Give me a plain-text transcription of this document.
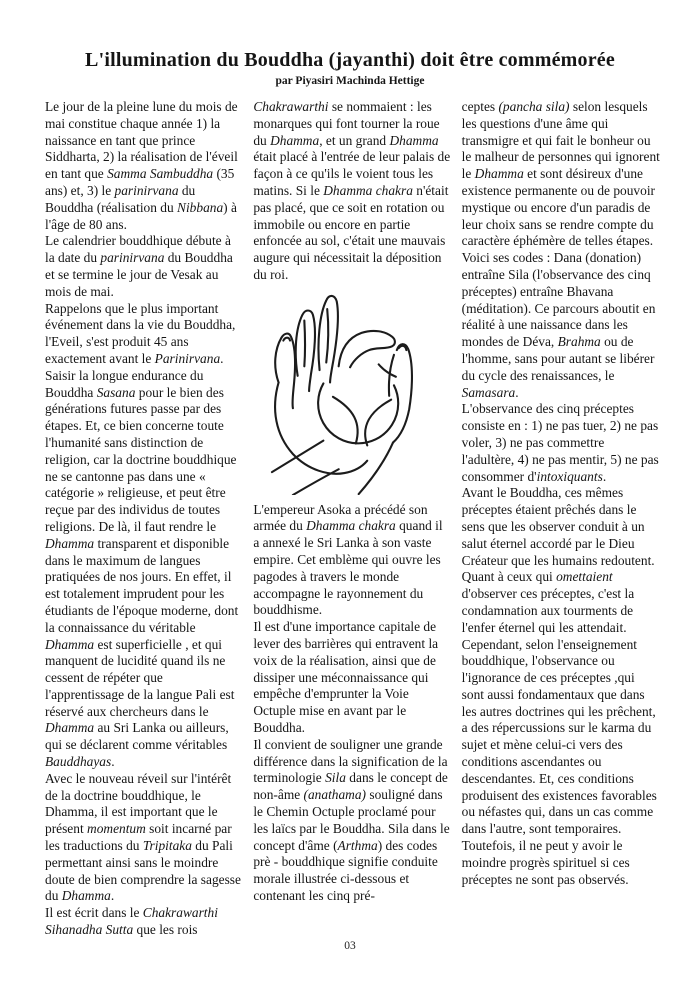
L'illumination du Bouddha (jayanthi) doit être commémorée
par Piyasiri Machinda Hettige

Le jour de la pleine lune du mois de mai constitue chaque année 1) la naissance en tant que prince Siddharta, 2) la réalisation de l'éveil en tant que Samma Sambuddha (35 ans) et, 3) le parinirvana du Bouddha (réalisation du Nibbana) à l'âge de 80 ans.

Le calendrier bouddhique débute à la date du parinirvana du Bouddha et se termine le jour de Vesak au mois de mai.

Rappelons que le plus important événement dans la vie du Bouddha, l'Eveil, s'est produit 45 ans exactement avant le Parinirvana. Saisir la longue endurance du Bouddha Sasana pour le bien des générations futures passe par des étapes. Et, ce bien concerne toute l'humanité sans distinction de religion, car la doctrine bouddhique ne se cantonne pas dans une « catégorie » religieuse, et peut être reçue par des individus de toutes religions. De là, il faut rendre le Dhamma transparent et disponible dans le maximum de langues pratiquées de nos jours. En effet, il est totalement imprudent pour les étudiants de l'époque moderne, dont la connaissance du véritable Dhamma est superficielle , et qui manquent de lucidité quand ils ne cessent de répéter que l'apprentissage de la langue Pali est réservé aux chercheurs dans le Dhamma au Sri Lanka ou ailleurs, qui se déclarent comme véritables Bauddhayas.

Avec le nouveau réveil sur l'intérêt de la doctrine bouddhique, le Dhamma, il est important que le présent momentum soit incarné par les traductions du Tripitaka du Pali permettant ainsi sans le moindre doute de bien comprendre la sagesse du Dhamma.

Il est écrit dans le Chakrawarthi Sihanadha Sutta que les rois

Chakrawarthi se nommaient : les monarques qui font tourner la roue du Dhamma, et un grand Dhamma était placé à l'entrée de leur palais de façon à ce qu'ils le voient tous les matins. Si le Dhamma chakra n'était pas placé, que ce soit en rotation ou immobile ou encore en partie enfoncée au sol, c'était une mauvais augure qui nécessitait la déposition du roi.

L'empereur Asoka a précédé son armée du Dhamma chakra quand il a annexé le Sri Lanka à son vaste empire. Cet emblème qui ouvre les pagodes à travers le monde accompagne le rayonnement du bouddhisme.

Il est d'une importance capitale de lever des barrières qui entravent la voix de la réalisation, ainsi que de dissiper une méconnaissance qui empêche d'emprunter la Voie Octuple mise en avant par le Bouddha.

Il convient de souligner une grande différence dans la signification de la terminologie Sila dans le concept de non-âme (anathama) souligné dans le Chemin Octuple proclamé pour les laïcs par le Bouddha. Sila dans le concept d'âme (Arthma) des codes prè - bouddhique signifie conduite morale illustrée ci-dessous et contenant les cinq pré-

ceptes (pancha sila) selon lesquels les questions d'une âme qui transmigre et qui fait le bonheur ou le malheur de personnes qui ignorent le Dhamma et sont désireux d'une existence permanente ou de pouvoir mystique ou encore d'un paradis de leur choix sans se rendre compte du caractère éphémère de telles étapes.

Voici ses codes : Dana (donation) entraîne Sila (l'observance des cinq préceptes) entraîne Bhavana (méditation). Ce parcours aboutit en réalité à une naissance dans les mondes de Déva, Brahma ou de l'homme, sans pour autant se libérer du cycle des renaissances, le Samasara.

L'observance des cinq préceptes consiste en : 1) ne pas tuer, 2) ne pas voler, 3) ne pas commettre l'adultère, 4) ne pas mentir, 5) ne pas consommer d'intoxiquants.

Avant le Bouddha, ces mêmes préceptes étaient prêchés dans le sens que les observer conduit à un salut éternel accordé par le Dieu Créateur que les humains redoutent. Quant à ceux qui omettaient d'observer ces préceptes, c'est la condamnation aux tourments de l'enfer éternel qui les attendait. Cependant, selon l'enseignement bouddhique, l'observance ou l'ignorance de ces préceptes ,qui sont aussi fondamentaux que dans les autres doctrines qui les prêchent, a des répercussions sur le karma du sujet et mène celui-ci vers des conditions ascendantes ou descendantes. Et, ces conditions produisent des existences favorables ou néfastes qui, dans un cas comme dans l'autre, sont temporaires.

Toutefois, il ne peut y avoir le moindre progrès spirituel si ces préceptes ne sont pas observés.

03
